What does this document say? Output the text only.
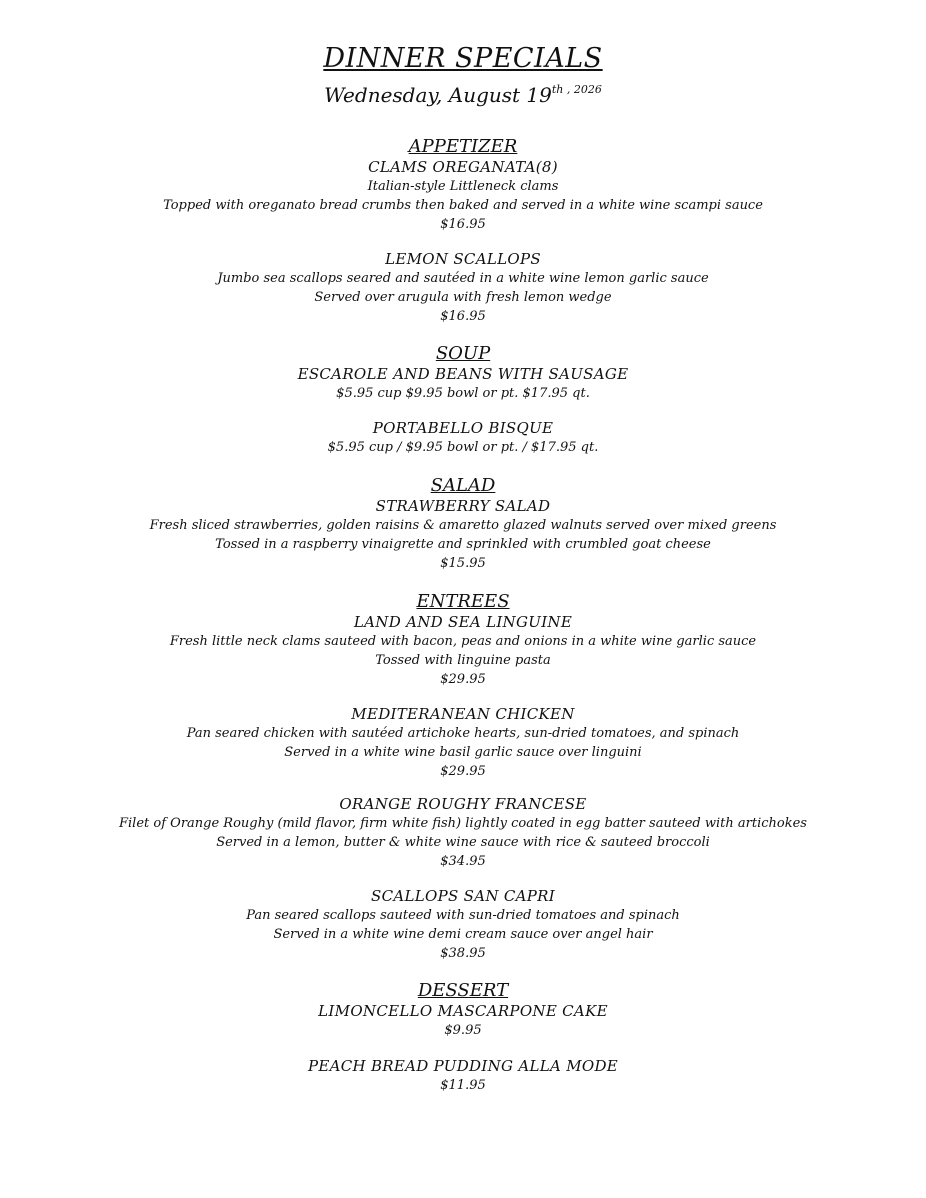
DINNER SPECIALS
Wednesday, August $19^{th , 2026}$
APPETIZER
CLAMS OREGANATA(8)
Italian-style Littleneck clams
Topped with oreganato bread crumbs then baked and served in a white wine scampi sauce
$16.95
LEMON SCALLOPS
Jumbo sea scallops seared and sautéed in a white wine lemon garlic sauce
Served over arugula with fresh lemon wedge
$16.95
SOUP
ESCAROLE AND BEANS WITH SAUSAGE
$5.95 cup $9.95 bowl or pt. $17.95 qt.
PORTABELLO BISQUE
$5.95 cup / $9.95 bowl or pt. / $17.95 qt.
SALAD
STRAWBERRY SALAD
Fresh sliced strawberries, golden raisins & amaretto glazed walnuts served over mixed greens
Tossed in a raspberry vinaigrette and sprinkled with crumbled goat cheese
$15.95
ENTREES
LAND AND SEA LINGUINE
Fresh little neck clams sauteed with bacon, peas and onions in a white wine garlic sauce
Tossed with linguine pasta
$29.95
MEDITERANEAN CHICKEN
Pan seared chicken with sautéed artichoke hearts, sun-dried tomatoes, and spinach
Served in a white wine basil garlic sauce over linguini
$29.95
ORANGE ROUGHY FRANCESE
Filet of Orange Roughy (mild flavor, firm white fish) lightly coated in egg batter sauteed with artichokes
Served in a lemon, butter & white wine sauce with rice & sauteed broccoli
$34.95
SCALLOPS SAN CAPRI
Pan seared scallops sauteed with sun-dried tomatoes and spinach
Served in a white wine demi cream sauce over angel hair
$38.95
DESSERT
LIMONCELLO MASCARPONE CAKE
$9.95
PEACH BREAD PUDDING ALLA MODE
$11.95
